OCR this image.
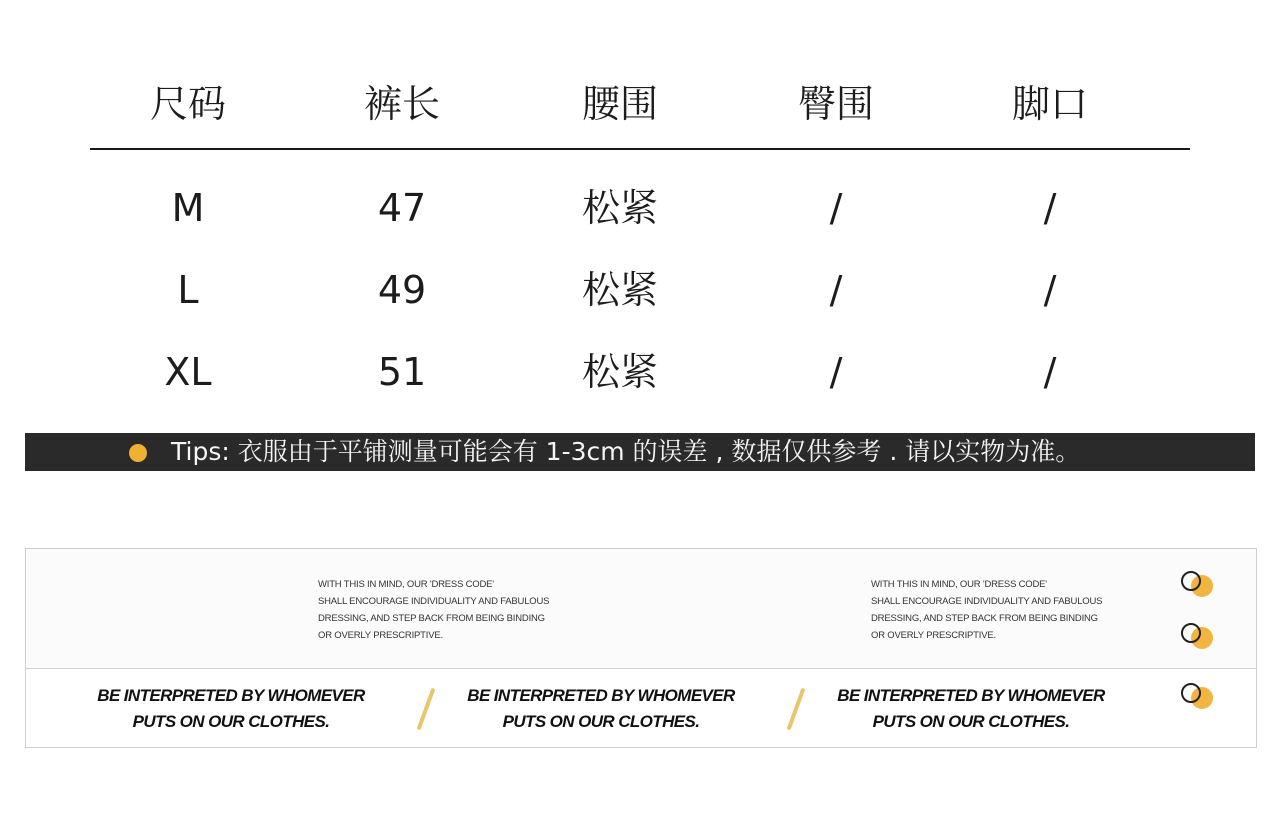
尺码	裤长	腰围	臀围	脚口
M	47	松紧	/	/
L	49	松紧	/	/
XL	51	松紧	/	/
Tips: 衣服由于平铺测量可能会有 1-3cm 的误差 , 数据仅供参考 . 请以实物为准。
WITH THIS IN MIND, OUR 'DRESS CODE'
SHALL ENCOURAGE INDIVIDUALITY AND FABULOUS
DRESSING, AND STEP BACK FROM BEING BINDING
OR OVERLY PRESCRIPTIVE.
WITH THIS IN MIND, OUR 'DRESS CODE'
SHALL ENCOURAGE INDIVIDUALITY AND FABULOUS
DRESSING, AND STEP BACK FROM BEING BINDING
OR OVERLY PRESCRIPTIVE.
BE INTERPRETED BY WHOMEVER
PUTS ON OUR CLOTHES.
BE INTERPRETED BY WHOMEVER
PUTS ON OUR CLOTHES.
BE INTERPRETED BY WHOMEVER
PUTS ON OUR CLOTHES.
